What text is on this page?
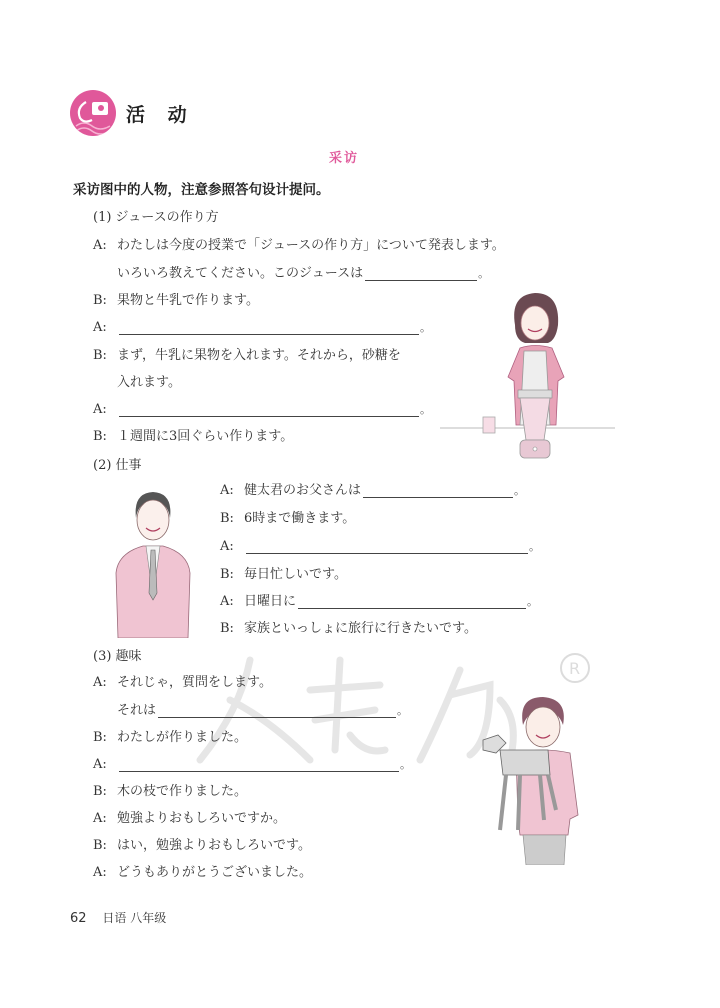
R
活 动
采访
采访图中的人物，注意参照答句设计提问。
(1) ジュースの作り方
A: わたしは今度の授業で「ジュースの作り方」について発表します。
いろいろ教えてください。このジュースは	。
B: 果物と牛乳で作ります。
A:	。
B: まず，牛乳に果物を入れます。それから，砂糖を
入れます。
A:	。
B: １週間に3回ぐらい作ります。
(2) 仕事
A: 健太君のお父さんは	。
B: 6時まで働きます。
A:	。
B: 毎日忙しいです。
A: 日曜日に	。
B: 家族といっしょに旅行に行きたいです。
(3) 趣味
A: それじゃ，質問をします。
それは	。
B: わたしが作りました。
A:	。
B: 木の枝で作りました。
A: 勉強よりおもしろいですか。
B: はい，勉強よりおもしろいです。
A: どうもありがとうございました。
62 日语 八年级
